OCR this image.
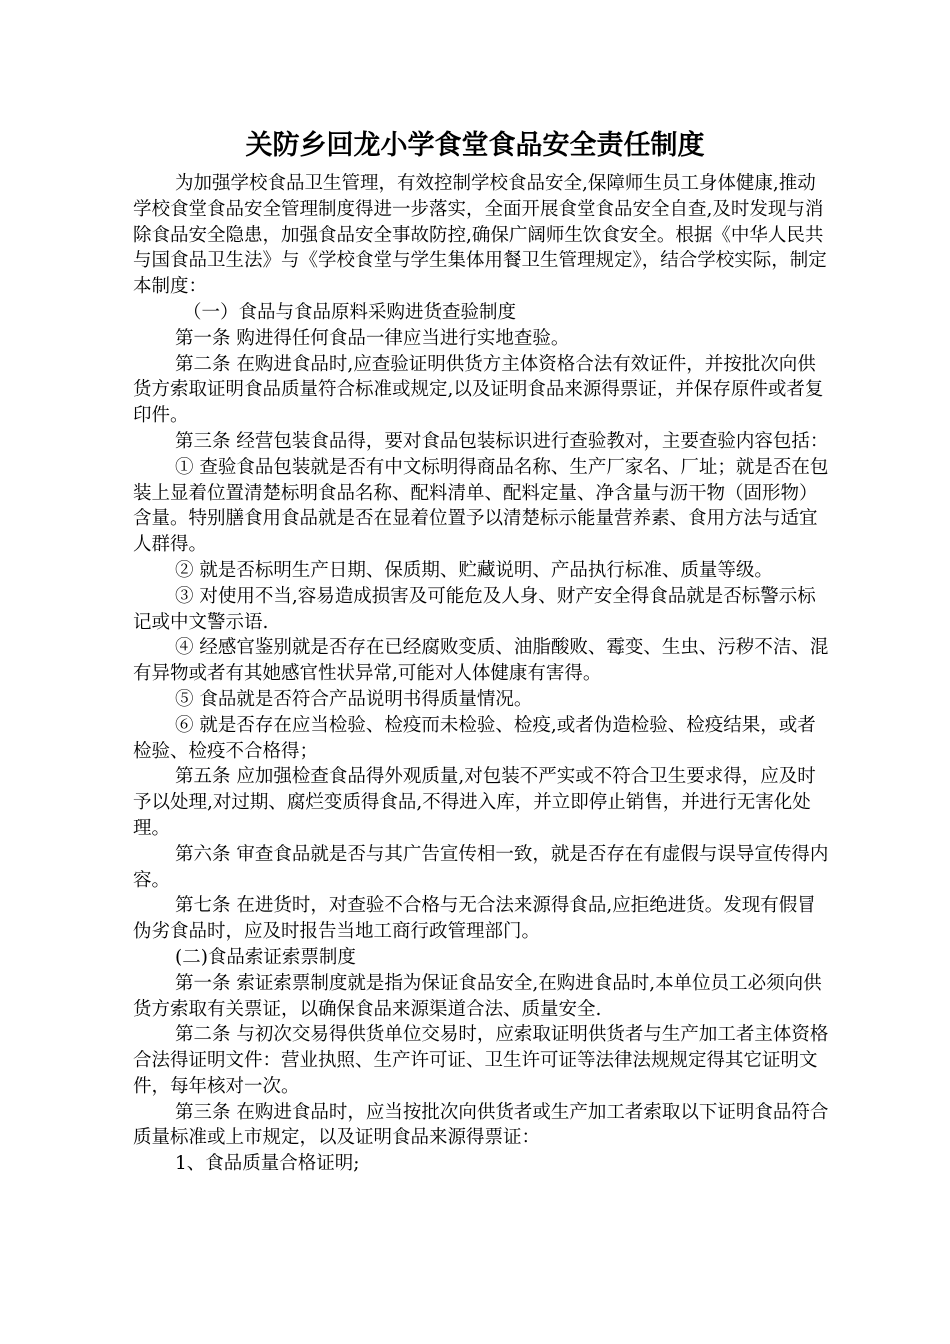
关防乡回龙小学食堂食品安全责任制度

为加强学校食品卫生管理，有效控制学校食品安全,保障师生员工身体健康,推动学校食堂食品安全管理制度得进一步落实，全面开展食堂食品安全自查,及时发现与消除食品安全隐患，加强食品安全事故防控,确保广阔师生饮食安全。根据《中华人民共与国食品卫生法》与《学校食堂与学生集体用餐卫生管理规定》，结合学校实际，制定本制度：

（一）食品与食品原料采购进货查验制度

第一条 购进得任何食品一律应当进行实地查验。

第二条 在购进食品时,应查验证明供货方主体资格合法有效证件，并按批次向供货方索取证明食品质量符合标准或规定,以及证明食品来源得票证，并保存原件或者复印件。

第三条 经营包装食品得，要对食品包装标识进行查验教对，主要查验内容包括：

① 查验食品包装就是否有中文标明得商品名称、生产厂家名、厂址；就是否在包装上显着位置清楚标明食品名称、配料清单、配料定量、净含量与沥干物（固形物）含量。特别膳食用食品就是否在显着位置予以清楚标示能量营养素、食用方法与适宜人群得。

② 就是否标明生产日期、保质期、贮藏说明、产品执行标准、质量等级。

③ 对使用不当,容易造成损害及可能危及人身、财产安全得食品就是否标警示标记或中文警示语.

④ 经感官鉴别就是否存在已经腐败变质、油脂酸败、霉变、生虫、污秽不洁、混有异物或者有其她感官性状异常,可能对人体健康有害得。

⑤ 食品就是否符合产品说明书得质量情况。

⑥ 就是否存在应当检验、检疫而未检验、检疫,或者伪造检验、检疫结果，或者检验、检疫不合格得；

第五条 应加强检查食品得外观质量,对包装不严实或不符合卫生要求得，应及时予以处理,对过期、腐烂变质得食品,不得进入库，并立即停止销售，并进行无害化处理。

第六条 审查食品就是否与其广告宣传相一致，就是否存在有虚假与误导宣传得内容。

第七条 在进货时，对查验不合格与无合法来源得食品,应拒绝进货。发现有假冒伪劣食品时，应及时报告当地工商行政管理部门。

(二)食品索证索票制度

第一条 索证索票制度就是指为保证食品安全,在购进食品时,本单位员工必须向供货方索取有关票证，以确保食品来源渠道合法、质量安全.

第二条 与初次交易得供货单位交易时，应索取证明供货者与生产加工者主体资格合法得证明文件：营业执照、生产许可证、卫生许可证等法律法规规定得其它证明文件，每年核对一次。

第三条 在购进食品时，应当按批次向供货者或生产加工者索取以下证明食品符合质量标准或上市规定，以及证明食品来源得票证：

1、食品质量合格证明;
